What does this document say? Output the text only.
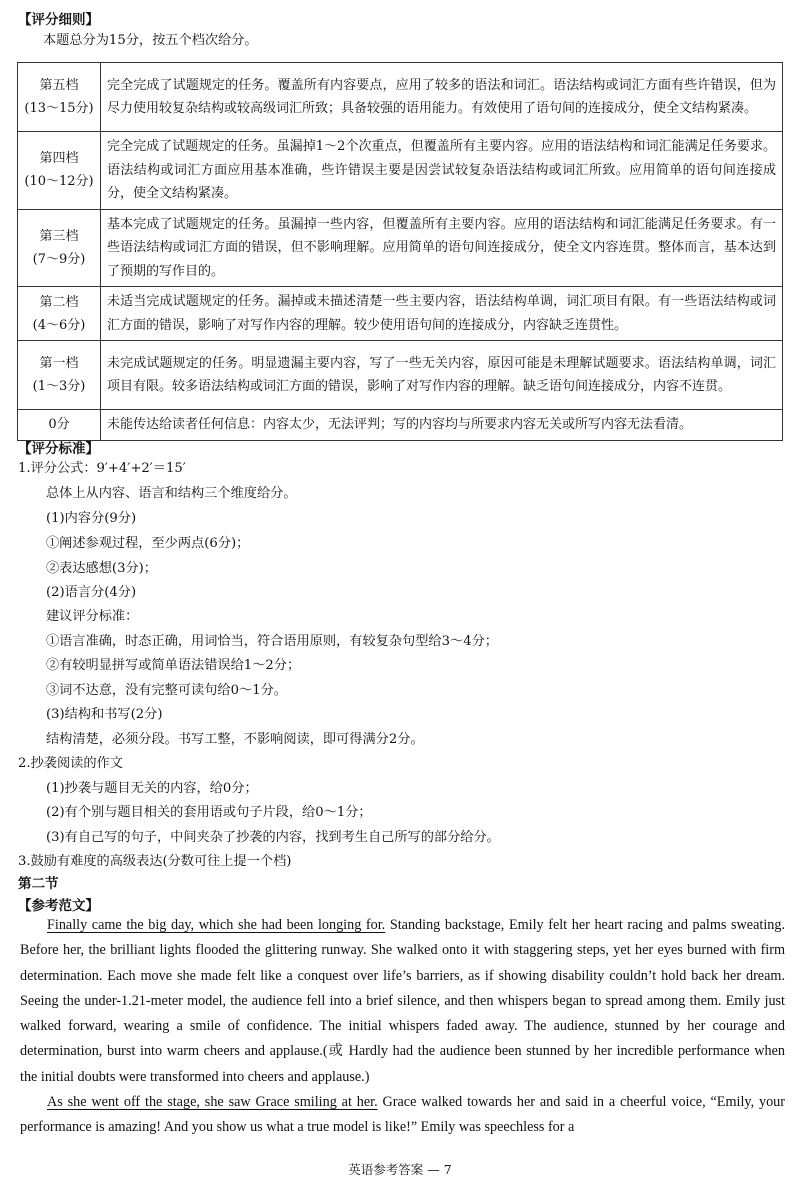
【评分细则】
本题总分为15分，按五个档次给分。
第五档
(13～15分)	完全完成了试题规定的任务。覆盖所有内容要点，应用了较多的语法和词汇。语法结构或词汇方面有些许错误，但为尽力使用较复杂结构或较高级词汇所致；具备较强的语用能力。有效使用了语句间的连接成分，使全文结构紧凑。
第四档
(10～12分)	完全完成了试题规定的任务。虽漏掉1～2个次重点，但覆盖所有主要内容。应用的语法结构和词汇能满足任务要求。语法结构或词汇方面应用基本准确，些许错误主要是因尝试较复杂语法结构或词汇所致。应用简单的语句间连接成分，使全文结构紧凑。
第三档
(7～9分)	基本完成了试题规定的任务。虽漏掉一些内容，但覆盖所有主要内容。应用的语法结构和词汇能满足任务要求。有一些语法结构或词汇方面的错误，但不影响理解。应用简单的语句间连接成分，使全文内容连贯。整体而言，基本达到了预期的写作目的。
第二档
(4～6分)	未适当完成试题规定的任务。漏掉或未描述清楚一些主要内容，语法结构单调，词汇项目有限。有一些语法结构或词汇方面的错误，影响了对写作内容的理解。较少使用语句间的连接成分，内容缺乏连贯性。
第一档
(1～3分)	未完成试题规定的任务。明显遗漏主要内容，写了一些无关内容，原因可能是未理解试题要求。语法结构单调，词汇项目有限。较多语法结构或词汇方面的错误，影响了对写作内容的理解。缺乏语句间连接成分，内容不连贯。
0分	未能传达给读者任何信息：内容太少，无法评判；写的内容均与所要求内容无关或所写内容无法看清。
【评分标准】
1.评分公式：9′+4′+2′＝15′
总体上从内容、语言和结构三个维度给分。
(1)内容分(9分)
①阐述参观过程，至少两点(6分)；
②表达感想(3分)；
(2)语言分(4分)
建议评分标准：
①语言准确，时态正确，用词恰当，符合语用原则，有较复杂句型给3～4分；
②有较明显拼写或简单语法错误给1～2分；
③词不达意，没有完整可读句给0～1分。
(3)结构和书写(2分)
结构清楚，必须分段。书写工整，不影响阅读，即可得满分2分。
2.抄袭阅读的作文
(1)抄袭与题目无关的内容，给0分；
(2)有个别与题目相关的套用语或句子片段，给0～1分；
(3)有自己写的句子，中间夹杂了抄袭的内容，找到考生自己所写的部分给分。
3.鼓励有难度的高级表达(分数可往上提一个档)
第二节
【参考范文】

Finally came the big day, which she had been longing for. Standing backstage, Emily felt her heart racing and palms sweating. Before her, the brilliant lights flooded the glittering runway. She walked onto it with staggering steps, yet her eyes burned with firm determination. Each move she made felt like a conquest over life’s barriers, as if showing disability couldn’t hold back her dream. Seeing the under-1.21-meter model, the audience fell into a brief silence, and then whispers began to spread among them. Emily just walked forward, wearing a smile of confidence. The initial whispers faded away. The audience, stunned by her courage and determination, burst into warm cheers and applause.(或 Hardly had the audience been stunned by her incredible performance when the initial doubts were transformed into cheers and applause.)

As she went off the stage, she saw Grace smiling at her. Grace walked towards her and said in a cheerful voice, “Emily, your performance is amazing! And you show us what a true model is like!” Emily was speechless for a

英语参考答案 — 7
